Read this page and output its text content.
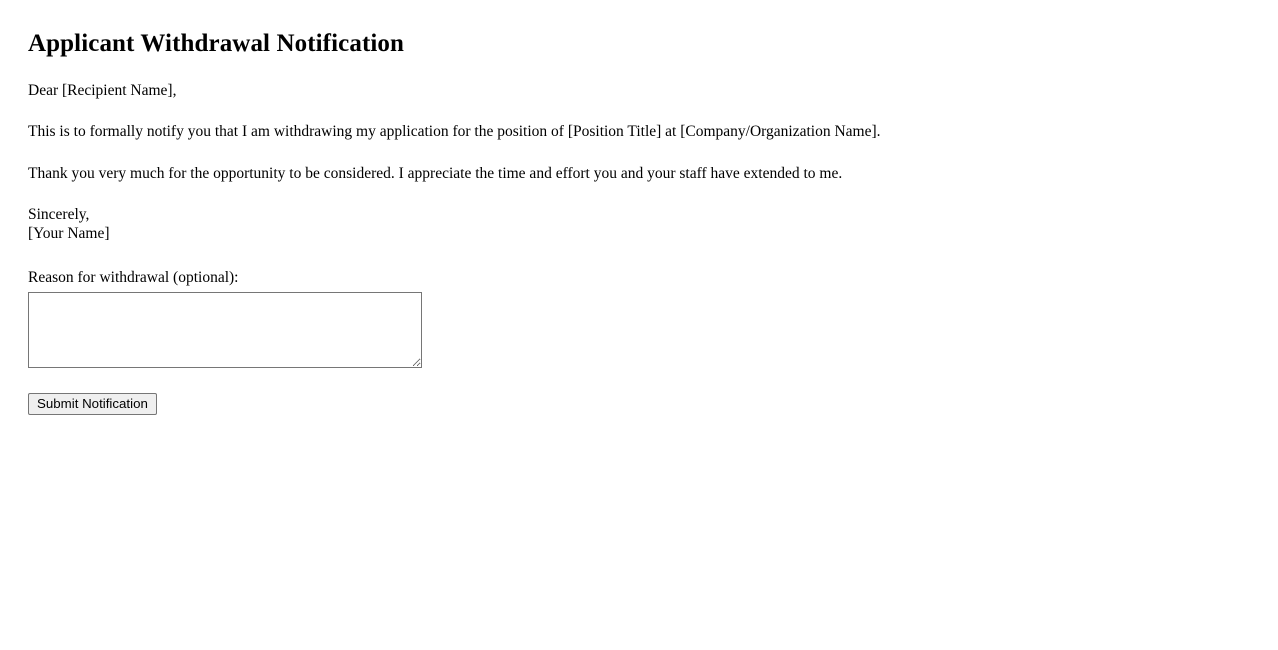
Applicant Withdrawal Notification

Dear [Recipient Name],

This is to formally notify you that I am withdrawing my application for the position of [Position Title] at [Company/Organization Name].

Thank you very much for the opportunity to be considered. I appreciate the time and effort you and your staff have extended to me.

Sincerely,
[Your Name]
Reason for withdrawal (optional):
Submit Notification
